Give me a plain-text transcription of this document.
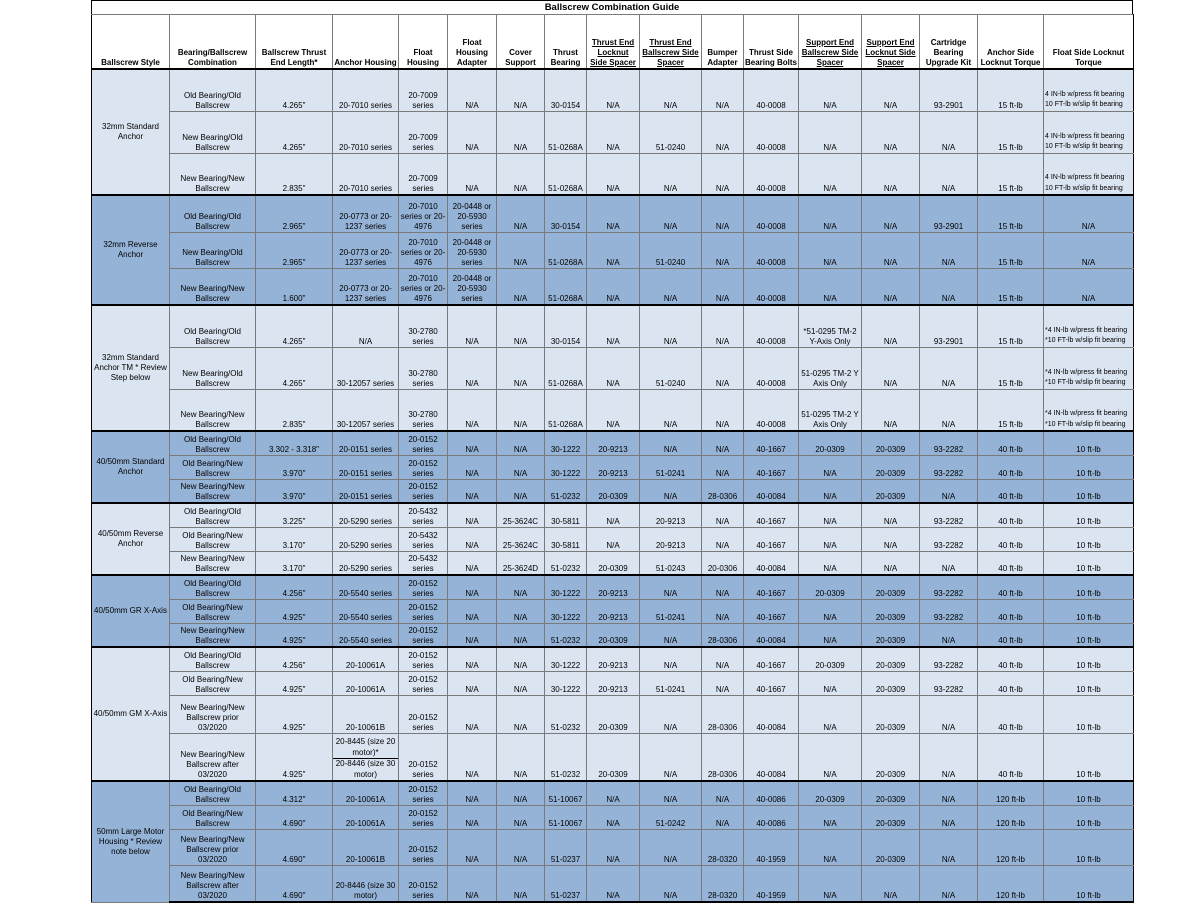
Ballscrew Combination Guide
Ballscrew Style	Bearing/Ballscrew Combination	Ballscrew Thrust End Length*	Anchor Housing	Float Housing	Float Housing Adapter	Cover Support	Thrust Bearing	Thrust End Locknut Side Spacer	Thrust End Ballscrew Side Spacer	Bumper Adapter	Thrust Side Bearing Bolts	Support End Ballscrew Side Spacer	Support End Locknut Side Spacer	Cartridge Bearing Upgrade Kit	Anchor Side Locknut Torque	Float Side Locknut Torque
32mm Standard Anchor	Old Bearing/Old Ballscrew	4.265"	20-7010 series	20-7009 series	N/A	N/A	30-0154	N/A	N/A	N/A	40-0008	N/A	N/A	93-2901	15 ft-lb	4 IN-lb w/press fit bearing
10 FT-lb w/slip fit bearing

	New Bearing/Old Ballscrew	4.265"	20-7010 series	20-7009 series	N/A	N/A	51-0268A	N/A	51-0240	N/A	40-0008	N/A	N/A	N/A	15 ft-lb	4 IN-lb w/press fit bearing
10 FT-lb w/slip fit bearing

	New Bearing/New Ballscrew	2.835"	20-7010 series	20-7009 series	N/A	N/A	51-0268A	N/A	N/A	N/A	40-0008	N/A	N/A	N/A	15 ft-lb	4 IN-lb w/press fit bearing
10 FT-lb w/slip fit bearing

32mm Reverse Anchor	Old Bearing/Old Ballscrew	2.965"	20-0773 or 20-1237 series	20-7010 series or 20-4976	20-0448 or 20-5930 series	N/A	30-0154	N/A	N/A	N/A	40-0008	N/A	N/A	93-2901	15 ft-lb	N/A
	New Bearing/Old Ballscrew	2.965"	20-0773 or 20-1237 series	20-7010 series or 20-4976	20-0448 or 20-5930 series	N/A	51-0268A	N/A	51-0240	N/A	40-0008	N/A	N/A	N/A	15 ft-lb	N/A
	New Bearing/New Ballscrew	1.600"	20-0773 or 20-1237 series	20-7010 series or 20-4976	20-0448 or 20-5930 series	N/A	51-0268A	N/A	N/A	N/A	40-0008	N/A	N/A	N/A	15 ft-lb	N/A
32mm Standard Anchor TM * Review Step below	Old Bearing/Old Ballscrew	4.265"	N/A	30-2780 series	N/A	N/A	30-0154	N/A	N/A	N/A	40-0008	*51-0295 TM-2 Y-Axis Only	N/A	93-2901	15 ft-lb	*4 IN-lb w/press fit bearing
*10 FT-lb w/slip fit bearing

	New Bearing/Old Ballscrew	4.265"	30-12057 series	30-2780 series	N/A	N/A	51-0268A	N/A	51-0240	N/A	40-0008	51-0295 TM-2 Y Axis Only	N/A	N/A	15 ft-lb	*4 IN-lb w/press fit bearing
*10 FT-lb w/slip fit bearing

	New Bearing/New Ballscrew	2.835"	30-12057 series	30-2780 series	N/A	N/A	51-0268A	N/A	N/A	N/A	40-0008	51-0295 TM-2 Y Axis Only	N/A	N/A	15 ft-lb	*4 IN-lb w/press fit bearing
*10 FT-lb w/slip fit bearing

40/50mm Standard Anchor	Old Bearing/Old Ballscrew	3.302 - 3.318"	20-0151 series	20-0152 series	N/A	N/A	30-1222	20-9213	N/A	N/A	40-1667	20-0309	20-0309	93-2282	40 ft-lb	10 ft-lb
	Old Bearing/New Ballscrew	3.970"	20-0151 series	20-0152 series	N/A	N/A	30-1222	20-9213	51-0241	N/A	40-1667	N/A	20-0309	93-2282	40 ft-lb	10 ft-lb
	New Bearing/New Ballscrew	3.970"	20-0151 series	20-0152 series	N/A	N/A	51-0232	20-0309	N/A	28-0306	40-0084	N/A	20-0309	N/A	40 ft-lb	10 ft-lb
40/50mm Reverse Anchor	Old Bearing/Old Ballscrew	3.225"	20-5290 series	20-5432 series	N/A	25-3624C	30-5811	N/A	20-9213	N/A	40-1667	N/A	N/A	93-2282	40 ft-lb	10 ft-lb
	Old Bearing/New Ballscrew	3.170"	20-5290 series	20-5432 series	N/A	25-3624C	30-5811	N/A	20-9213	N/A	40-1667	N/A	N/A	93-2282	40 ft-lb	10 ft-lb
	New Bearing/New Ballscrew	3.170"	20-5290 series	20-5432 series	N/A	25-3624D	51-0232	20-0309	51-0243	20-0306	40-0084	N/A	N/A	N/A	40 ft-lb	10 ft-lb
40/50mm GR X-Axis	Old Bearing/Old Ballscrew	4.256"	20-5540 series	20-0152 series	N/A	N/A	30-1222	20-9213	N/A	N/A	40-1667	20-0309	20-0309	93-2282	40 ft-lb	10 ft-lb
	Old Bearing/New Ballscrew	4.925"	20-5540 series	20-0152 series	N/A	N/A	30-1222	20-9213	51-0241	N/A	40-1667	N/A	20-0309	93-2282	40 ft-lb	10 ft-lb
	New Bearing/New Ballscrew	4.925"	20-5540 series	20-0152 series	N/A	N/A	51-0232	20-0309	N/A	28-0306	40-0084	N/A	20-0309	N/A	40 ft-lb	10 ft-lb
40/50mm GM X-Axis	Old Bearing/Old Ballscrew	4.256"	20-10061A	20-0152 series	N/A	N/A	30-1222	20-9213	N/A	N/A	40-1667	20-0309	20-0309	93-2282	40 ft-lb	10 ft-lb
	Old Bearing/New Ballscrew	4.925"	20-10061A	20-0152 series	N/A	N/A	30-1222	20-9213	51-0241	N/A	40-1667	N/A	20-0309	93-2282	40 ft-lb	10 ft-lb
	New Bearing/New Ballscrew prior 03/2020	4.925"	20-10061B	20-0152 series	N/A	N/A	51-0232	20-0309	N/A	28-0306	40-0084	N/A	20-0309	N/A	40 ft-lb	10 ft-lb
	New Bearing/New Ballscrew after 03/2020	4.925"	20-8445 (size 20 motor)*
20-8446 (size 30 motor)	20-0152 series	N/A	N/A	51-0232	20-0309	N/A	28-0306	40-0084	N/A	20-0309	N/A	40 ft-lb	10 ft-lb
50mm Large Motor Housing * Review note below	Old Bearing/Old Ballscrew	4.312"	20-10061A	20-0152 series	N/A	N/A	51-10067	N/A	N/A	N/A	40-0086	20-0309	20-0309	N/A	120 ft-lb	10 ft-lb
	Old Bearing/New Ballscrew	4.690"	20-10061A	20-0152 series	N/A	N/A	51-10067	N/A	51-0242	N/A	40-0086	N/A	20-0309	N/A	120 ft-lb	10 ft-lb
	New Bearing/New Ballscrew prior 03/2020	4.690"	20-10061B	20-0152 series	N/A	N/A	51-0237	N/A	N/A	28-0320	40-1959	N/A	20-0309	N/A	120 ft-lb	10 ft-lb
	New Bearing/New Ballscrew after 03/2020	4.690"	20-8446 (size 30 motor)	20-0152 series	N/A	N/A	51-0237	N/A	N/A	28-0320	40-1959	N/A	N/A	N/A	120 ft-lb	10 ft-lb
